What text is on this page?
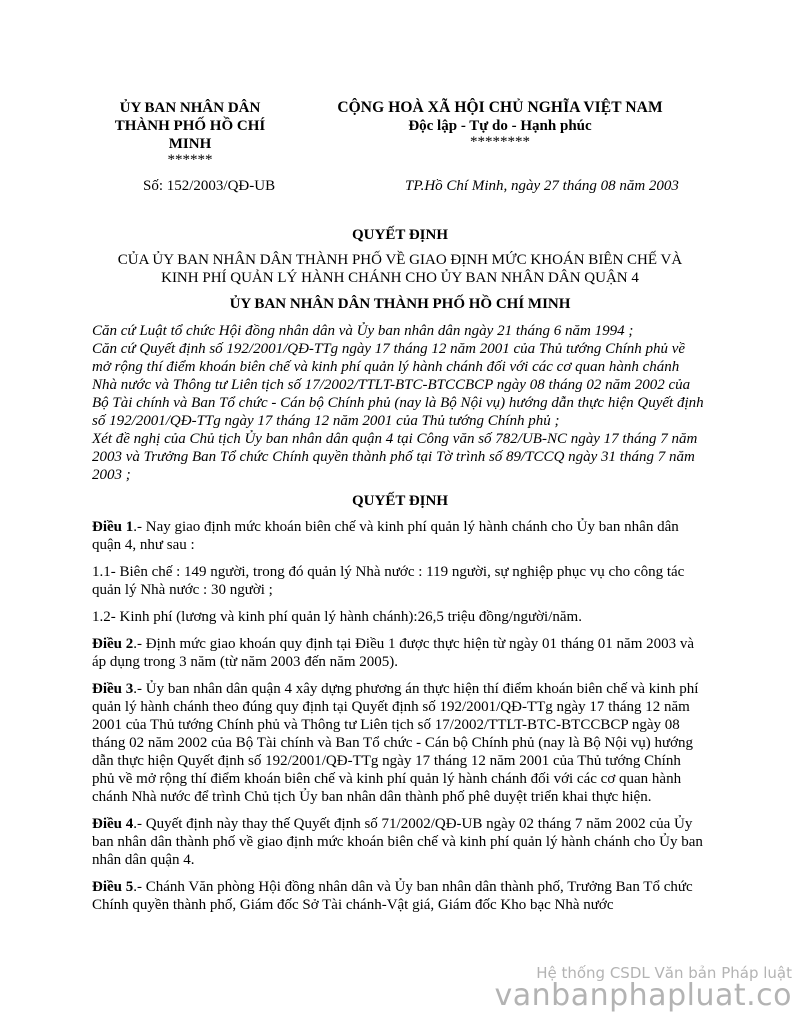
ỦY BAN NHÂN DÂN
THÀNH PHỐ HỒ CHÍ
MINH
******
CỘNG HOÀ XÃ HỘI CHỦ NGHĨA VIỆT NAM
Độc lập - Tự do - Hạnh phúc
********
Số: 152/2003/QĐ-UB	TP.Hồ Chí Minh, ngày 27 tháng 08 năm 2003
QUYẾT ĐỊNH
CỦA ỦY BAN NHÂN DÂN THÀNH PHỐ VỀ GIAO ĐỊNH MỨC KHOÁN BIÊN CHẾ VÀ
KINH PHÍ QUẢN LÝ HÀNH CHÁNH CHO ỦY BAN NHÂN DÂN QUẬN 4
ỦY BAN NHÂN DÂN THÀNH PHỐ HỒ CHÍ MINH

Căn cứ Luật tổ chức Hội đồng nhân dân và Ủy ban nhân dân ngày 21 tháng 6 năm 1994 ;

Căn cứ Quyết định số 192/2001/QĐ-TTg ngày 17 tháng 12 năm 2001 của Thủ tướng Chính phủ về mở rộng thí điểm khoán biên chế và kinh phí quản lý hành chánh đối với các cơ quan hành chánh Nhà nước và Thông tư Liên tịch số 17/2002/TTLT-BTC-BTCCBCP ngày 08 tháng 02 năm 2002 của Bộ Tài chính và Ban Tổ chức - Cán bộ Chính phủ (nay là Bộ Nội vụ) hướng dẫn thực hiện Quyết định số 192/2001/QĐ-TTg ngày 17 tháng 12 năm 2001 của Thủ tướng Chính phủ ;

Xét đề nghị của Chủ tịch Ủy ban nhân dân quận 4 tại Công văn số 782/UB-NC ngày 17 tháng 7 năm 2003 và Trưởng Ban Tổ chức Chính quyền thành phố tại Tờ trình số 89/TCCQ ngày 31 tháng 7 năm 2003 ;

QUYẾT ĐỊNH

Điều 1.- Nay giao định mức khoán biên chế và kinh phí quản lý hành chánh cho Ủy ban nhân dân quận 4, như sau :

1.1- Biên chế : 149 người, trong đó quản lý Nhà nước : 119 người, sự nghiệp phục vụ cho công tác quản lý Nhà nước : 30 người ;

1.2- Kinh phí (lương và kinh phí quản lý hành chánh):26,5 triệu đồng/người/năm.

Điều 2.- Định mức giao khoán quy định tại Điều 1 được thực hiện từ ngày 01 tháng 01 năm 2003 và áp dụng trong 3 năm (từ năm 2003 đến năm 2005).

Điều 3.- Ủy ban nhân dân quận 4 xây dựng phương án thực hiện thí điểm khoán biên chế và kinh phí quản lý hành chánh theo đúng quy định tại Quyết định số 192/2001/QĐ-TTg ngày 17 tháng 12 năm 2001 của Thủ tướng Chính phủ và Thông tư Liên tịch số 17/2002/TTLT-BTC-BTCCBCP ngày 08 tháng 02 năm 2002 của Bộ Tài chính và Ban Tổ chức - Cán bộ Chính phủ (nay là Bộ Nội vụ) hướng dẫn thực hiện Quyết định số 192/2001/QĐ-TTg ngày 17 tháng 12 năm 2001 của Thủ tướng Chính phủ về mở rộng thí điểm khoán biên chế và kinh phí quản lý hành chánh đối với các cơ quan hành chánh Nhà nước để trình Chủ tịch Ủy ban nhân dân thành phố phê duyệt triển khai thực hiện.

Điều 4.- Quyết định này thay thế Quyết định số 71/2002/QĐ-UB ngày 02 tháng 7 năm 2002 của Ủy ban nhân dân thành phố về giao định mức khoán biên chế và kinh phí quản lý hành chánh cho Ủy ban nhân dân quận 4.

Điều 5.- Chánh Văn phòng Hội đồng nhân dân và Ủy ban nhân dân thành phố, Trưởng Ban Tổ chức Chính quyền thành phố, Giám đốc Sở Tài chánh-Vật giá, Giám đốc Kho bạc Nhà nước

Hệ thống CSDL Văn bản Pháp luật
vanbanphapluat.co
